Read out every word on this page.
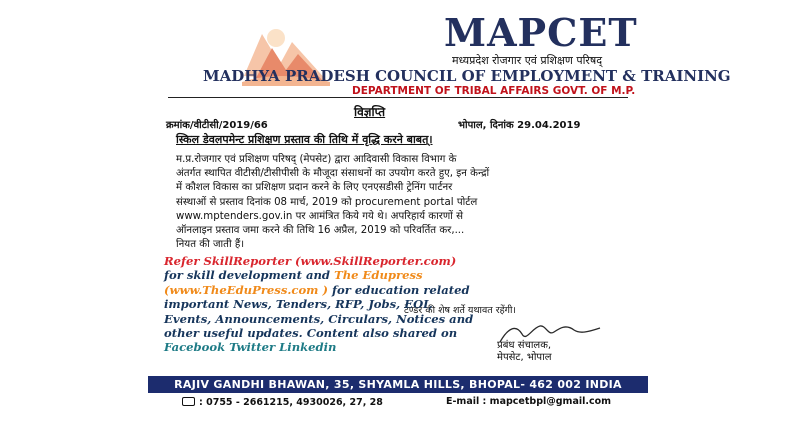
MAPCET
मध्यप्रदेश रोजगार एवं प्रशिक्षण परिषद्
MADHYA PRADESH COUNCIL OF EMPLOYMENT & TRAINING
DEPARTMENT OF TRIBAL AFFAIRS GOVT. OF M.P.
विज्ञप्ति
क्रमांक/वीटीसी/2019/66	भोपाल, दिनांक 29.04.2019
स्किल डेवलपमेन्ट प्रशिक्षण प्रस्ताव की तिथि में वृद्धि करने बाबत्।

म.प्र.रोजगार एवं प्रशिक्षण परिषद् (मेपसेट) द्वारा आदिवासी विकास विभाग के

अंतर्गत स्थापित वीटीसी/टीसीपीसी के मौजूदा संसाधनों का उपयोग करते हुए, इन केन्द्रों

में कौशल विकास का प्रशिक्षण प्रदान करने के लिए एनएसडीसी ट्रेनिंग पार्टनर

संस्थाओं से प्रस्ताव दिनांक 08 मार्च, 2019 को procurement portal पोर्टल

www.mptenders.gov.in पर आमंत्रित किये गये थे। अपरिहार्य कारणों से

ऑनलाइन प्रस्ताव जमा करने की तिथि 16 अप्रैल, 2019 को परिवर्तित कर,...

नियत की जाती हैं।

टेण्डर की शेष शर्ते यथावत रहेंगी।
प्रबंध संचालक,
मेपसेट, भोपाल

Refer SkillReporter (www.SkillReporter.com)

for skill development and The Edupress

(www.TheEduPress.com ) for education related

important News, Tenders, RFP, Jobs, EOI,

Events, Announcements, Circulars, Notices and

other useful updates. Content also shared on

Facebook Twitter Linkedin

RAJIV GANDHI BHAWAN, 35, SHYAMLA HILLS, BHOPAL- 462 002 INDIA
: 0755 - 2661215, 4930026, 27, 28	E-mail : mapcetbpl@gmail.com
